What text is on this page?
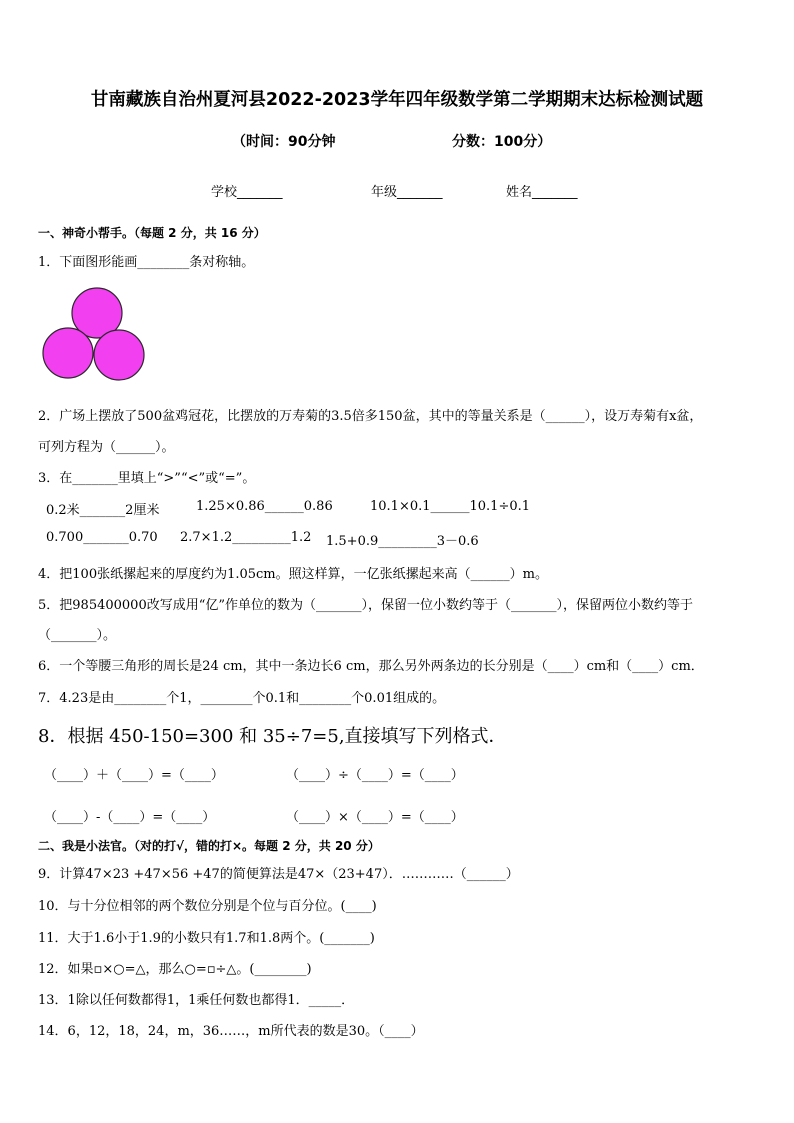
甘南藏族自治州夏河县2022-2023学年四年级数学第二学期期末达标检测试题
（时间：90分钟	分数：100分）
学校_______	年级_______	姓名_______
一、神奇小帮手。（每题 2 分，共 16 分）
1．下面图形能画________条对称轴。
2．广场上摆放了500盆鸡冠花，比摆放的万寿菊的3.5倍多150盆，其中的等量关系是（______），设万寿菊有x盆，
可列方程为（______）。
3．在_______里填上“>”“<”或“=”。
0.2米_______2厘米	1.25×0.86______0.86	10.1×0.1______10.1÷0.1
0.700_______0.70 2.7×1.2_________1.2 1.5+0.9_________3－0.6
4．把100张纸摞起来的厚度约为1.05cm。照这样算，一亿张纸摞起来高（______）m。
5．把985400000改写成用“亿”作单位的数为（_______），保留一位小数约等于（_______），保留两位小数约等于
（_______）。
6．一个等腰三角形的周长是24 cm，其中一条边长6 cm，那么另外两条边的长分别是（____）cm和（____）cm．
7．4.23是由________个1，________个0.1和________个0.01组成的。
8．根据 450-150=300 和 35÷7=5,直接填写下列格式．
（____）＋（____）=（____）	（____）÷（____）=（____）
（____）-（____）=（____）	（____）×（____）=（____）
二、我是小法官。（对的打√，错的打×。每题 2 分，共 20 分）
9．计算47×23 +47×56 +47的简便算法是47×（23+47）．…………（______）
10．与十分位相邻的两个数位分别是个位与百分位。(____)
11．大于1.6小于1.9的小数只有1.7和1.8两个。(_______)
12．如果▫×○=△，那么○=▫÷△。(________)
13．1除以任何数都得1，1乘任何数也都得1．_____．
14．6，12，18，24，m，36……，m所代表的数是30。（____）
